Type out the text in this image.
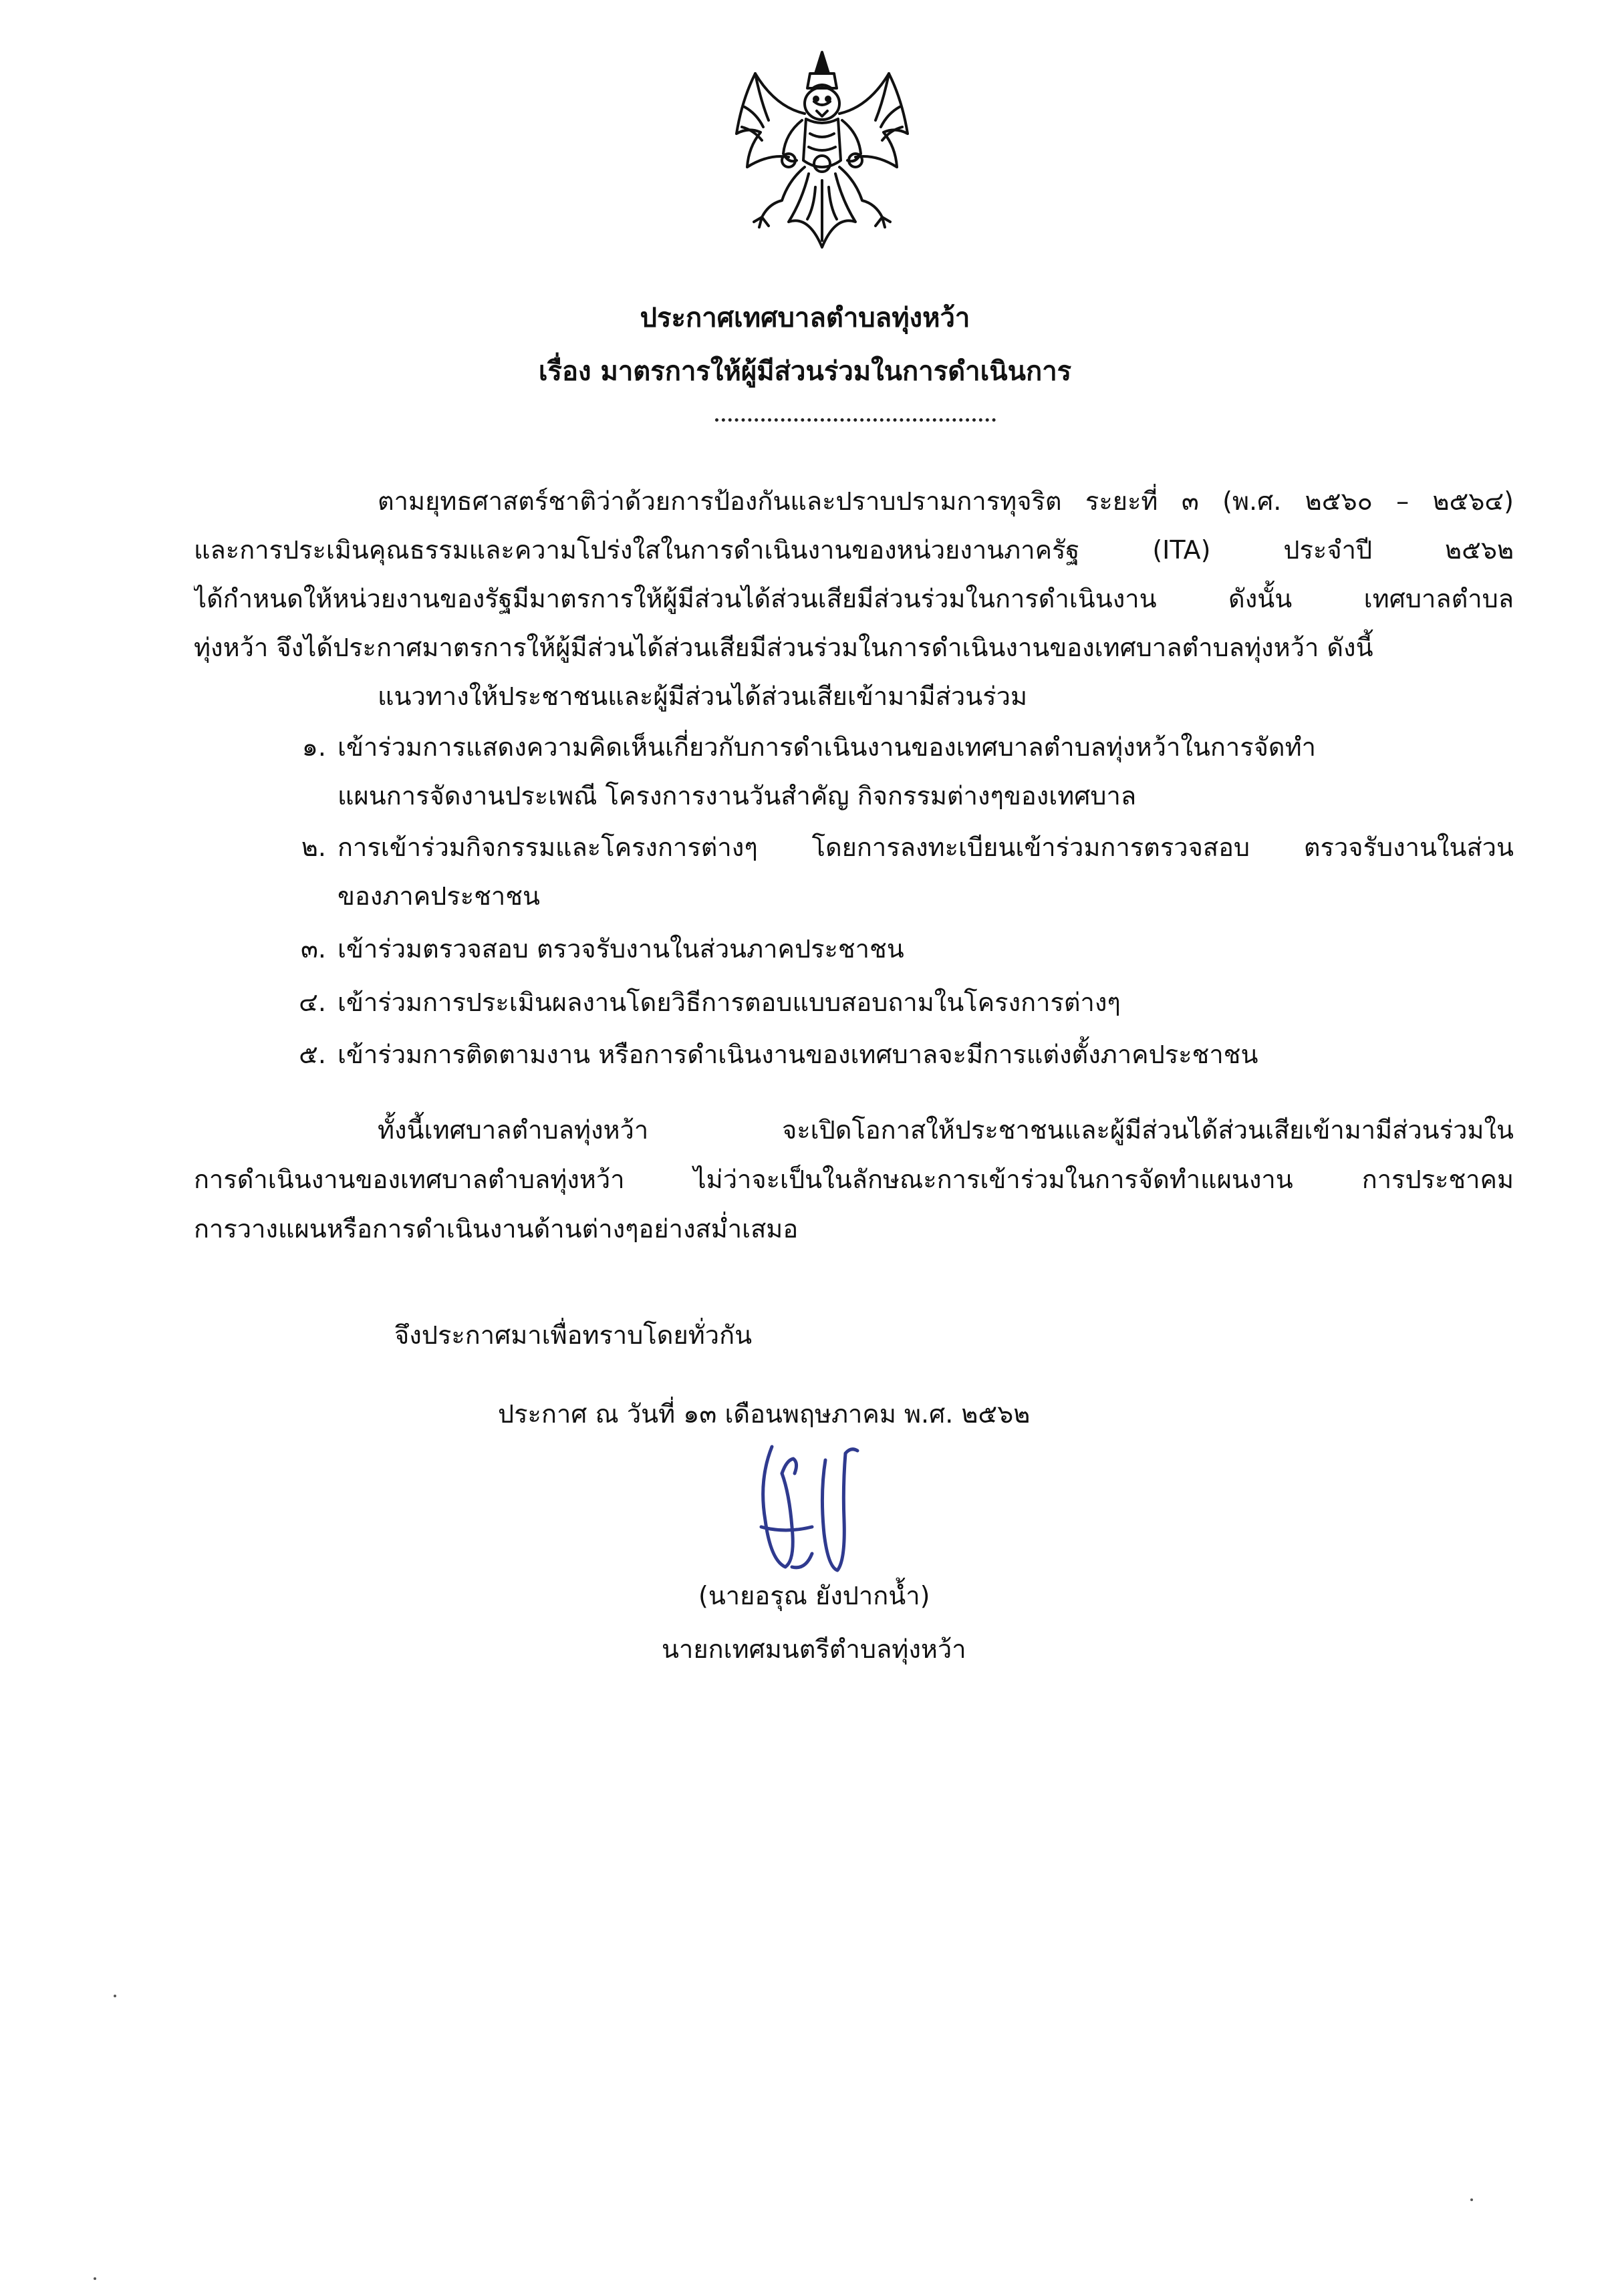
ประกาศเทศบาลตำบลทุ่งหว้า
เรื่อง มาตรการให้ผู้มีส่วนร่วมในการดำเนินการ
ตามยุทธศาสตร์ชาติว่าด้วยการป้องกันและปราบปรามการทุจริต ระยะที่ ๓ (พ.ศ. ๒๕๖๐ – ๒๕๖๔)
และการประเมินคุณธรรมและความโปร่งใสในการดำเนินงานของหน่วยงานภาครัฐ (ITA) ประจำปี ๒๕๖๒
ได้กำหนดให้หน่วยงานของรัฐมีมาตรการให้ผู้มีส่วนได้ส่วนเสียมีส่วนร่วมในการดำเนินงาน ดังนั้น เทศบาลตำบล
ทุ่งหว้า จึงได้ประกาศมาตรการให้ผู้มีส่วนได้ส่วนเสียมีส่วนร่วมในการดำเนินงานของเทศบาลตำบลทุ่งหว้า ดังนี้
แนวทางให้ประชาชนและผู้มีส่วนได้ส่วนเสียเข้ามามีส่วนร่วม
๑. เข้าร่วมการแสดงความคิดเห็นเกี่ยวกับการดำเนินงานของเทศบาลตำบลทุ่งหว้าในการจัดทำ
แผนการจัดงานประเพณี โครงการงานวันสำคัญ กิจกรรมต่างๆของเทศบาล
๒. การเข้าร่วมกิจกรรมและโครงการต่างๆ โดยการลงทะเบียนเข้าร่วมการตรวจสอบ ตรวจรับงานในส่วน
ของภาคประชาชน
๓. เข้าร่วมตรวจสอบ ตรวจรับงานในส่วนภาคประชาชน
๔. เข้าร่วมการประเมินผลงานโดยวิธีการตอบแบบสอบถามในโครงการต่างๆ
๕. เข้าร่วมการติดตามงาน หรือการดำเนินงานของเทศบาลจะมีการแต่งตั้งภาคประชาชน
ทั้งนี้เทศบาลตำบลทุ่งหว้า จะเปิดโอกาสให้ประชาชนและผู้มีส่วนได้ส่วนเสียเข้ามามีส่วนร่วมใน
การดำเนินงานของเทศบาลตำบลทุ่งหว้า ไม่ว่าจะเป็นในลักษณะการเข้าร่วมในการจัดทำแผนงาน การประชาคม
การวางแผนหรือการดำเนินงานด้านต่างๆอย่างสม่ำเสมอ
จึงประกาศมาเพื่อทราบโดยทั่วกัน
ประกาศ ณ วันที่ ๑๓ เดือนพฤษภาคม พ.ศ. ๒๕๖๒
(นายอรุณ ยังปากน้ำ)
นายกเทศมนตรีตำบลทุ่งหว้า
